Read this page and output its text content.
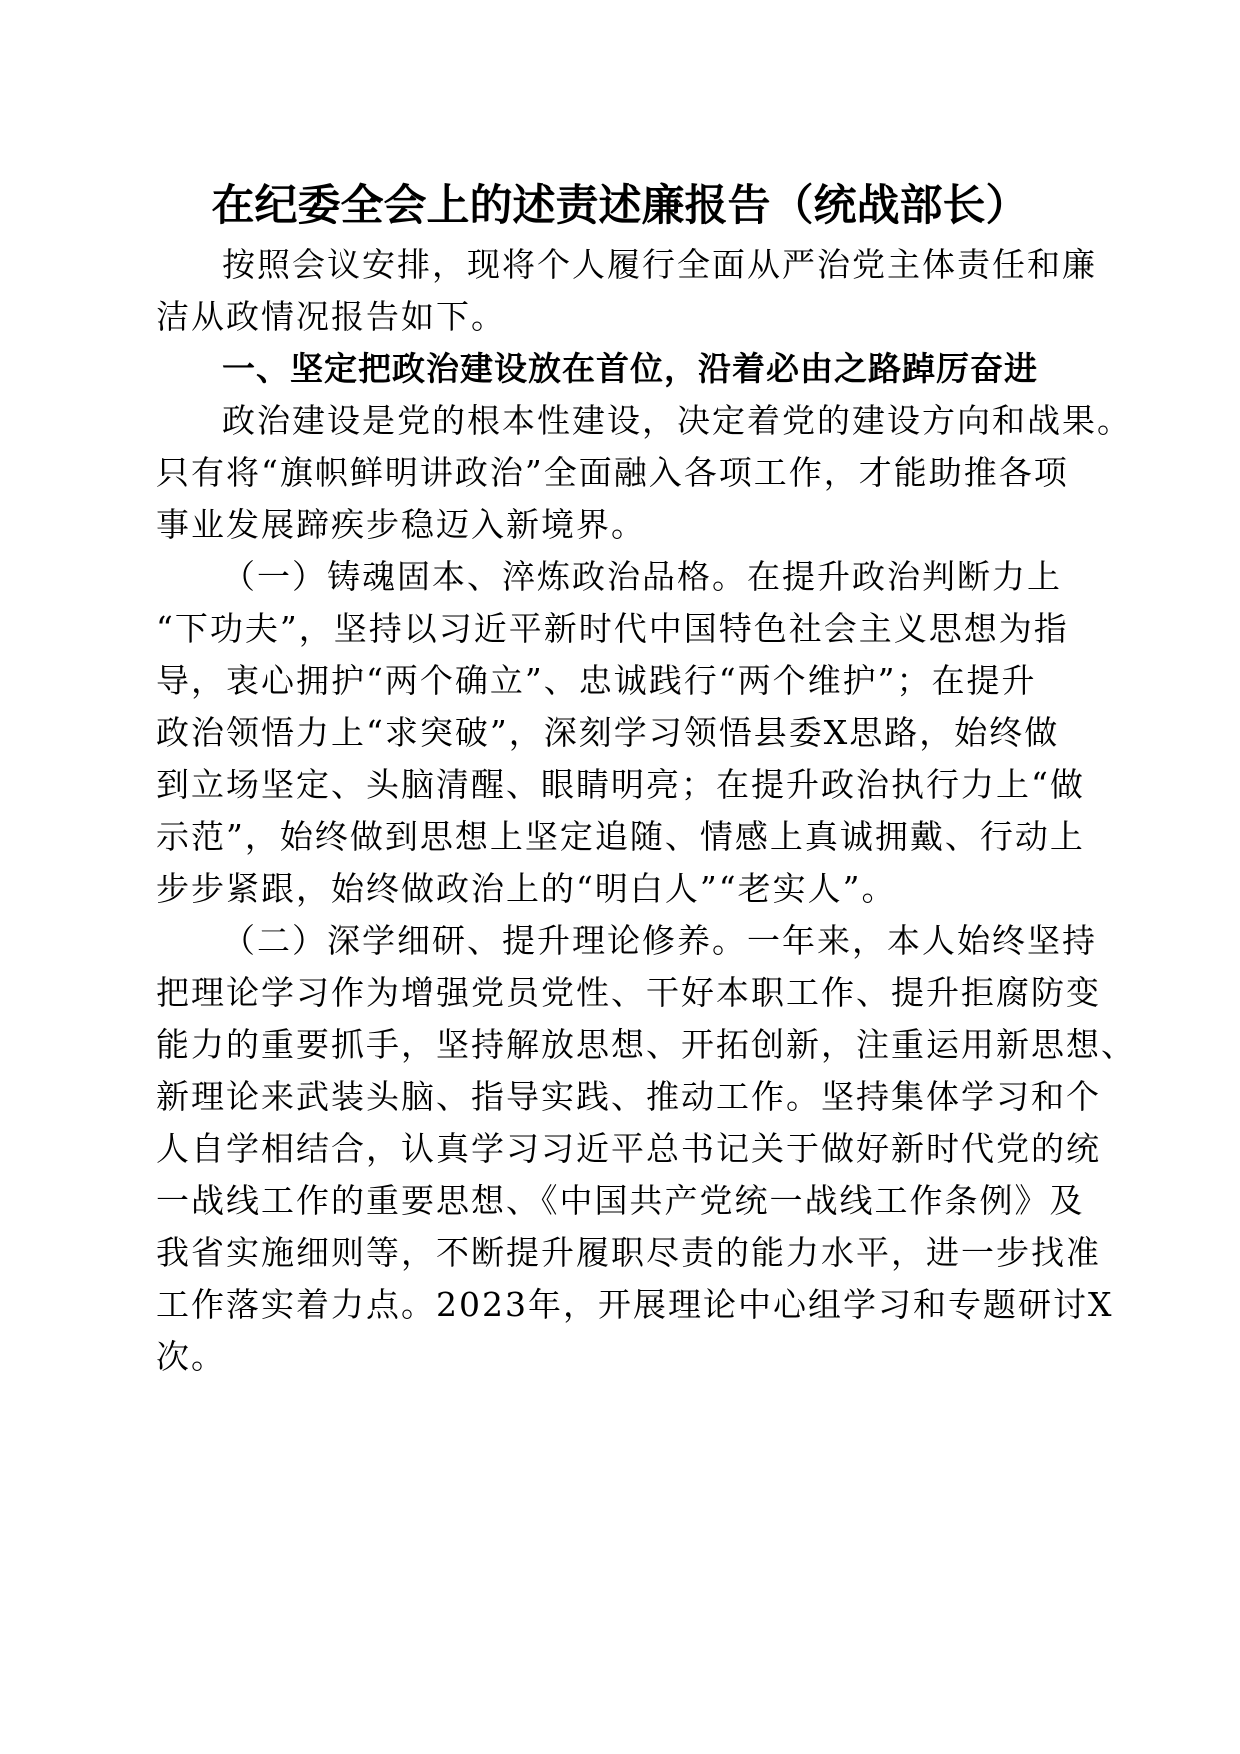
在纪委全会上的述责述廉报告（统战部长）
按照会议安排，现将个人履行全面从严治党主体责任和廉
洁从政情况报告如下。
一、坚定把政治建设放在首位，沿着必由之路踔厉奋进
政治建设是党的根本性建设，决定着党的建设方向和战果。
只有将“旗帜鲜明讲政治”全面融入各项工作，才能助推各项
事业发展蹄疾步稳迈入新境界。
（一）铸魂固本、淬炼政治品格。在提升政治判断力上
“下功夫”，坚持以习近平新时代中国特色社会主义思想为指
导，衷心拥护“两个确立”、忠诚践行“两个维护”；在提升
政治领悟力上“求突破”，深刻学习领悟县委X思路，始终做
到立场坚定、头脑清醒、眼睛明亮；在提升政治执行力上“做
示范”，始终做到思想上坚定追随、情感上真诚拥戴、行动上
步步紧跟，始终做政治上的“明白人”“老实人”。
（二）深学细研、提升理论修养。一年来，本人始终坚持
把理论学习作为增强党员党性、干好本职工作、提升拒腐防变
能力的重要抓手，坚持解放思想、开拓创新，注重运用新思想、
新理论来武装头脑、指导实践、推动工作。坚持集体学习和个
人自学相结合，认真学习习近平总书记关于做好新时代党的统
一战线工作的重要思想、《中国共产党统一战线工作条例》及
我省实施细则等，不断提升履职尽责的能力水平，进一步找准
工作落实着力点。2023年，开展理论中心组学习和专题研讨X
次。
